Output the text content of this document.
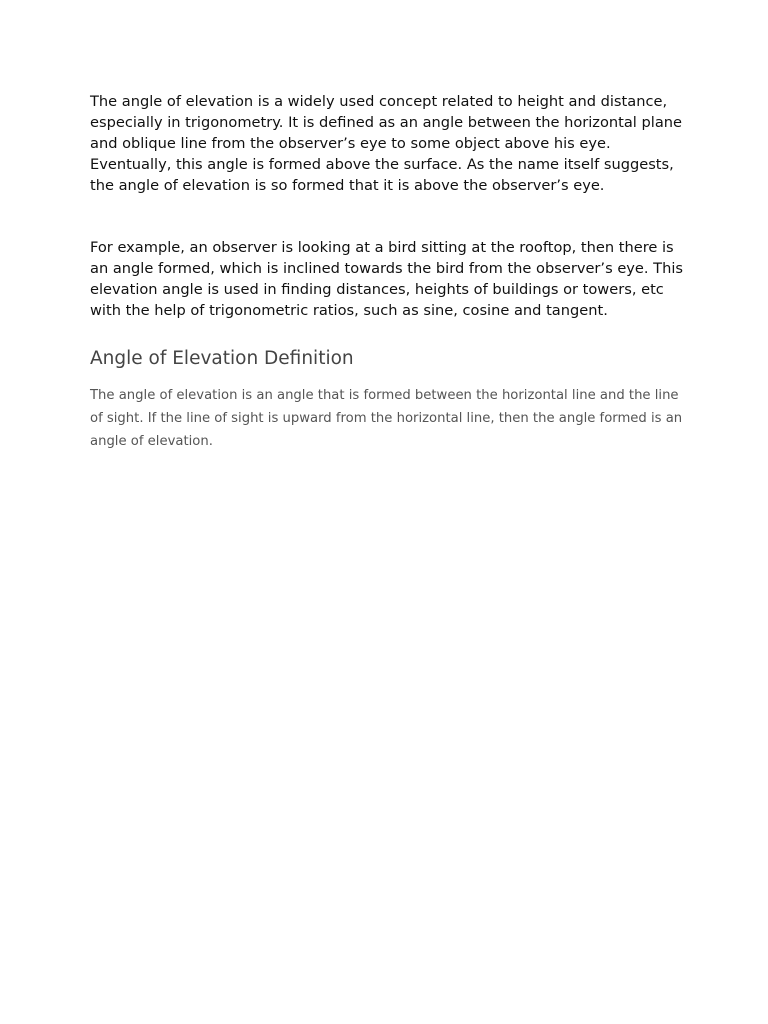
The angle of elevation is a widely used concept related to height and distance, especially in trigonometry. It is defined as an angle between the horizontal plane and oblique line from the observer’s eye to some object above his eye. Eventually, this angle is formed above the surface. As the name itself suggests, the angle of elevation is so formed that it is above the observer’s eye.

For example, an observer is looking at a bird sitting at the rooftop, then there is an angle formed, which is inclined towards the bird from the observer’s eye. This elevation angle is used in finding distances, heights of buildings or towers, etc with the help of trigonometric ratios, such as sine, cosine and tangent.

Angle of Elevation Definition

The angle of elevation is an angle that is formed between the horizontal line and the line of sight. If the line of sight is upward from the horizontal line, then the angle formed is an angle of elevation.
